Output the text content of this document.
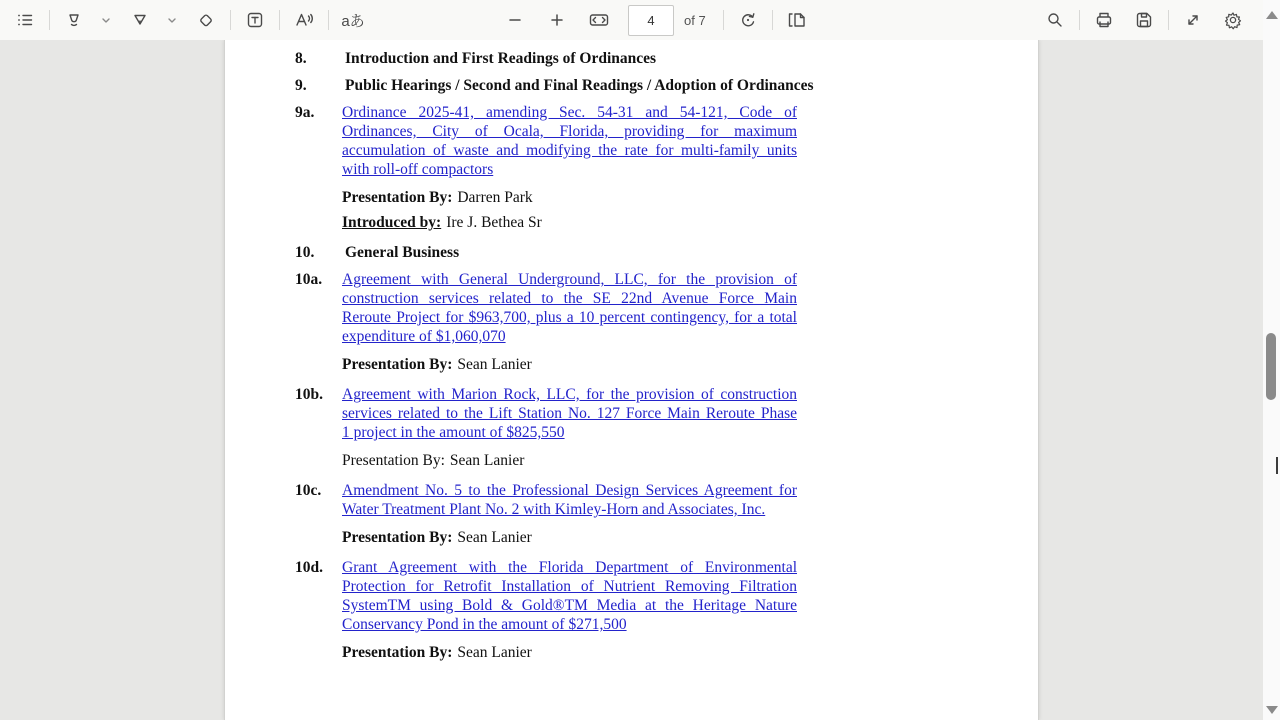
aあ
4	of 7
8.	Introduction and First Readings of Ordinances
9.	Public Hearings / Second and Final Readings / Adoption of Ordinances
9a.	Ordinance 2025-41, amending Sec. 54-31 and 54-121, Code of
Ordinances, City of Ocala, Florida, providing for maximum
accumulation of waste and modifying the rate for multi-family units
with roll-off compactors
Presentation By: Darren Park
Introduced by: Ire J. Bethea Sr
10.	General Business
10a.	Agreement with General Underground, LLC, for the provision of
construction services related to the SE 22nd Avenue Force Main
Reroute Project for $963,700, plus a 10 percent contingency, for a total
expenditure of $1,060,070
Presentation By: Sean Lanier
10b.	Agreement with Marion Rock, LLC, for the provision of construction
services related to the Lift Station No. 127 Force Main Reroute Phase
1 project in the amount of $825,550
Presentation By: Sean Lanier
10c.	Amendment No. 5 to the Professional Design Services Agreement for
Water Treatment Plant No. 2 with Kimley-Horn and Associates, Inc.
Presentation By: Sean Lanier
10d.	Grant Agreement with the Florida Department of Environmental
Protection for Retrofit Installation of Nutrient Removing Filtration
SystemTM using Bold & Gold®TM Media at the Heritage Nature
Conservancy Pond in the amount of $271,500
Presentation By: Sean Lanier
